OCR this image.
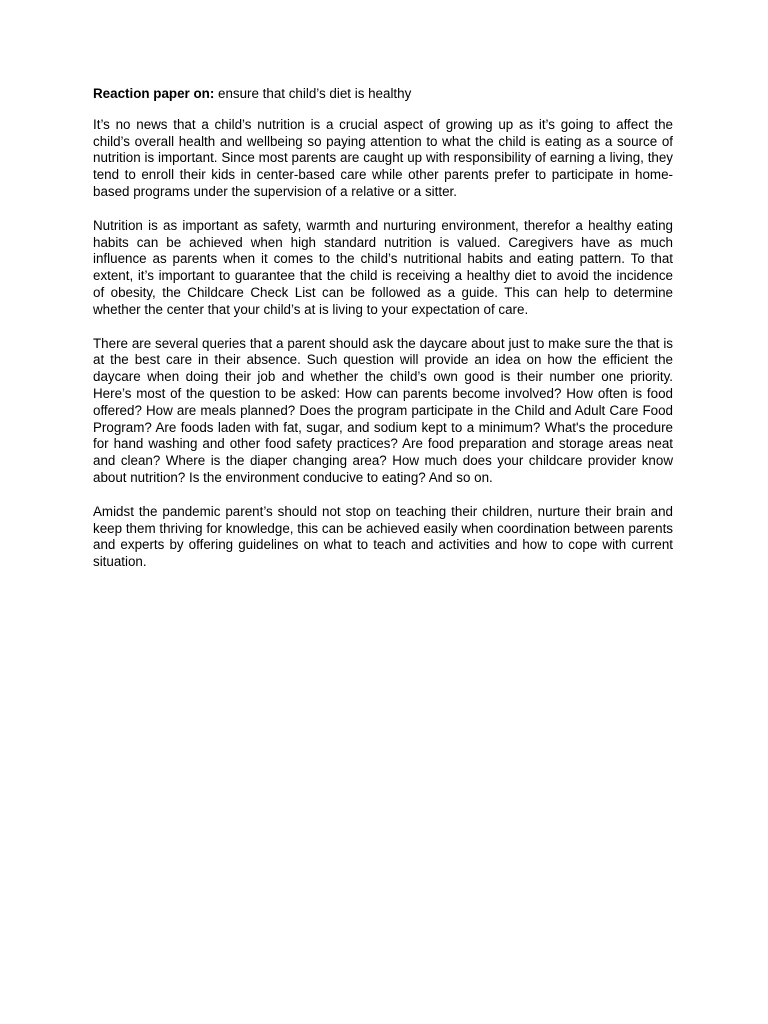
Reaction paper on: ensure that child’s diet is healthy

It’s no news that a child’s nutrition is a crucial aspect of growing up as it’s going to affect the child’s overall health and wellbeing so paying attention to what the child is eating as a source of nutrition is important. Since most parents are caught up with responsibility of earning a living, they tend to enroll their kids in center-based care while other parents prefer to participate in home-based programs under the supervision of a relative or a sitter.

Nutrition is as important as safety, warmth and nurturing environment, therefor a healthy eating habits can be achieved when high standard nutrition is valued. Caregivers have as much influence as parents when it comes to the child’s nutritional habits and eating pattern. To that extent, it’s important to guarantee that the child is receiving a healthy diet to avoid the incidence of obesity, the Childcare Check List can be followed as a guide. This can help to determine whether the center that your child’s at is living to your expectation of care.

There are several queries that a parent should ask the daycare about just to make sure the that is at the best care in their absence. Such question will provide an idea on how the efficient the daycare when doing their job and whether the child’s own good is their number one priority. Here’s most of the question to be asked: How can parents become involved? How often is food offered? How are meals planned? Does the program participate in the Child and Adult Care Food Program? Are foods laden with fat, sugar, and sodium kept to a minimum? What's the procedure for hand washing and other food safety practices? Are food preparation and storage areas neat and clean? Where is the diaper changing area? How much does your childcare provider know about nutrition? Is the environment conducive to eating? And so on.

Amidst the pandemic parent’s should not stop on teaching their children, nurture their brain and keep them thriving for knowledge, this can be achieved easily when coordination between parents and experts by offering guidelines on what to teach and activities and how to cope with current situation.
